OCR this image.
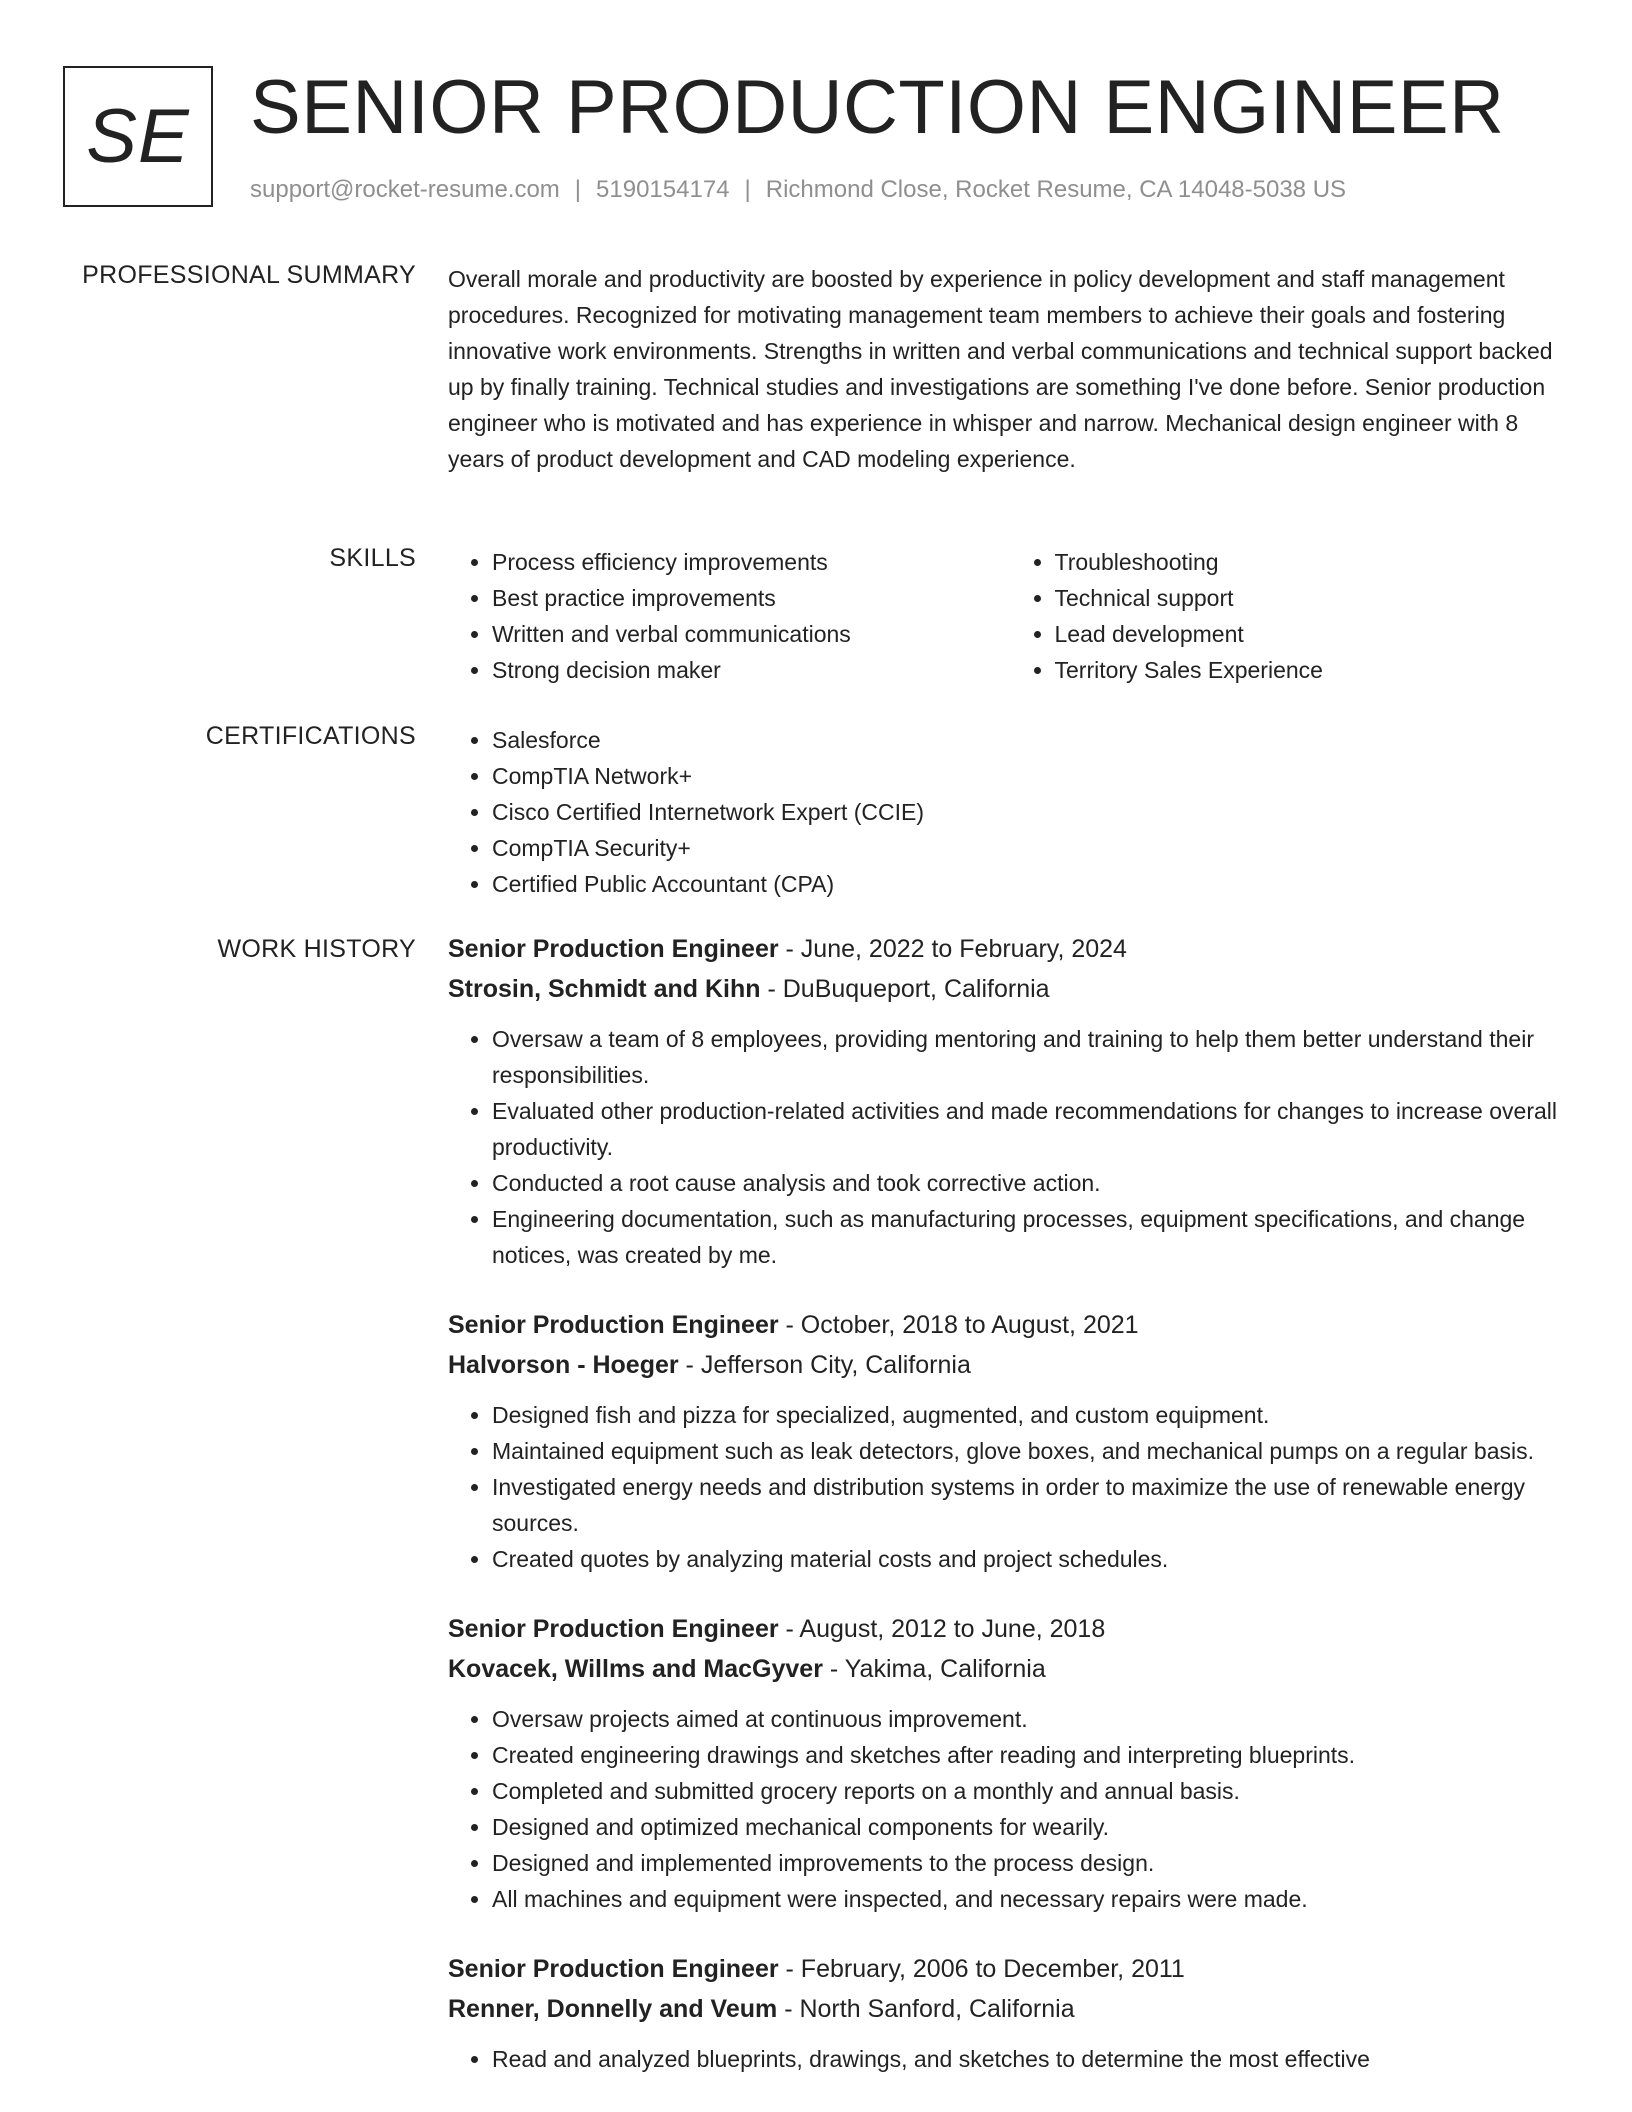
SE SENIOR PRODUCTION ENGINEER
support@rocket-resume.com | 5190154174 | Richmond Close, Rocket Resume, CA 14048-5038 US
PROFESSIONAL SUMMARY Overall morale and productivity are boosted by experience in policy development and staff management procedures. Recognized for motivating management team members to achieve their goals and fostering innovative work environments. Strengths in written and verbal communications and technical support backed up by finally training. Technical studies and investigations are something I've done before. Senior production engineer who is motivated and has experience in whisper and narrow. Mechanical design engineer with 8 years of product development and CAD modeling experience.
SKILLS	• Process efficiency improvements
• Best practice improvements
• Written and verbal communications
• Strong decision maker
• Troubleshooting
• Technical support
• Lead development
• Territory Sales Experience
CERTIFICATIONS	• Salesforce
• CompTIA Network+
• Cisco Certified Internetwork Expert (CCIE)
• CompTIA Security+
• Certified Public Accountant (CPA)
WORK HISTORY Senior Production Engineer - June, 2022 to February, 2024
Strosin, Schmidt and Kihn - DuBuqueport, California
• Oversaw a team of 8 employees, providing mentoring and training to help them better understand their responsibilities.
• Evaluated other production-related activities and made recommendations for changes to increase overall productivity.
• Conducted a root cause analysis and took corrective action.
• Engineering documentation, such as manufacturing processes, equipment specifications, and change notices, was created by me.
Senior Production Engineer - October, 2018 to August, 2021
Halvorson - Hoeger - Jefferson City, California
• Designed fish and pizza for specialized, augmented, and custom equipment.
• Maintained equipment such as leak detectors, glove boxes, and mechanical pumps on a regular basis.
• Investigated energy needs and distribution systems in order to maximize the use of renewable energy sources.
• Created quotes by analyzing material costs and project schedules.
Senior Production Engineer - August, 2012 to June, 2018
Kovacek, Willms and MacGyver - Yakima, California
• Oversaw projects aimed at continuous improvement.
• Created engineering drawings and sketches after reading and interpreting blueprints.
• Completed and submitted grocery reports on a monthly and annual basis.
• Designed and optimized mechanical components for wearily.
• Designed and implemented improvements to the process design.
• All machines and equipment were inspected, and necessary repairs were made.
Senior Production Engineer - February, 2006 to December, 2011
Renner, Donnelly and Veum - North Sanford, California
• Read and analyzed blueprints, drawings, and sketches to determine the most effective
